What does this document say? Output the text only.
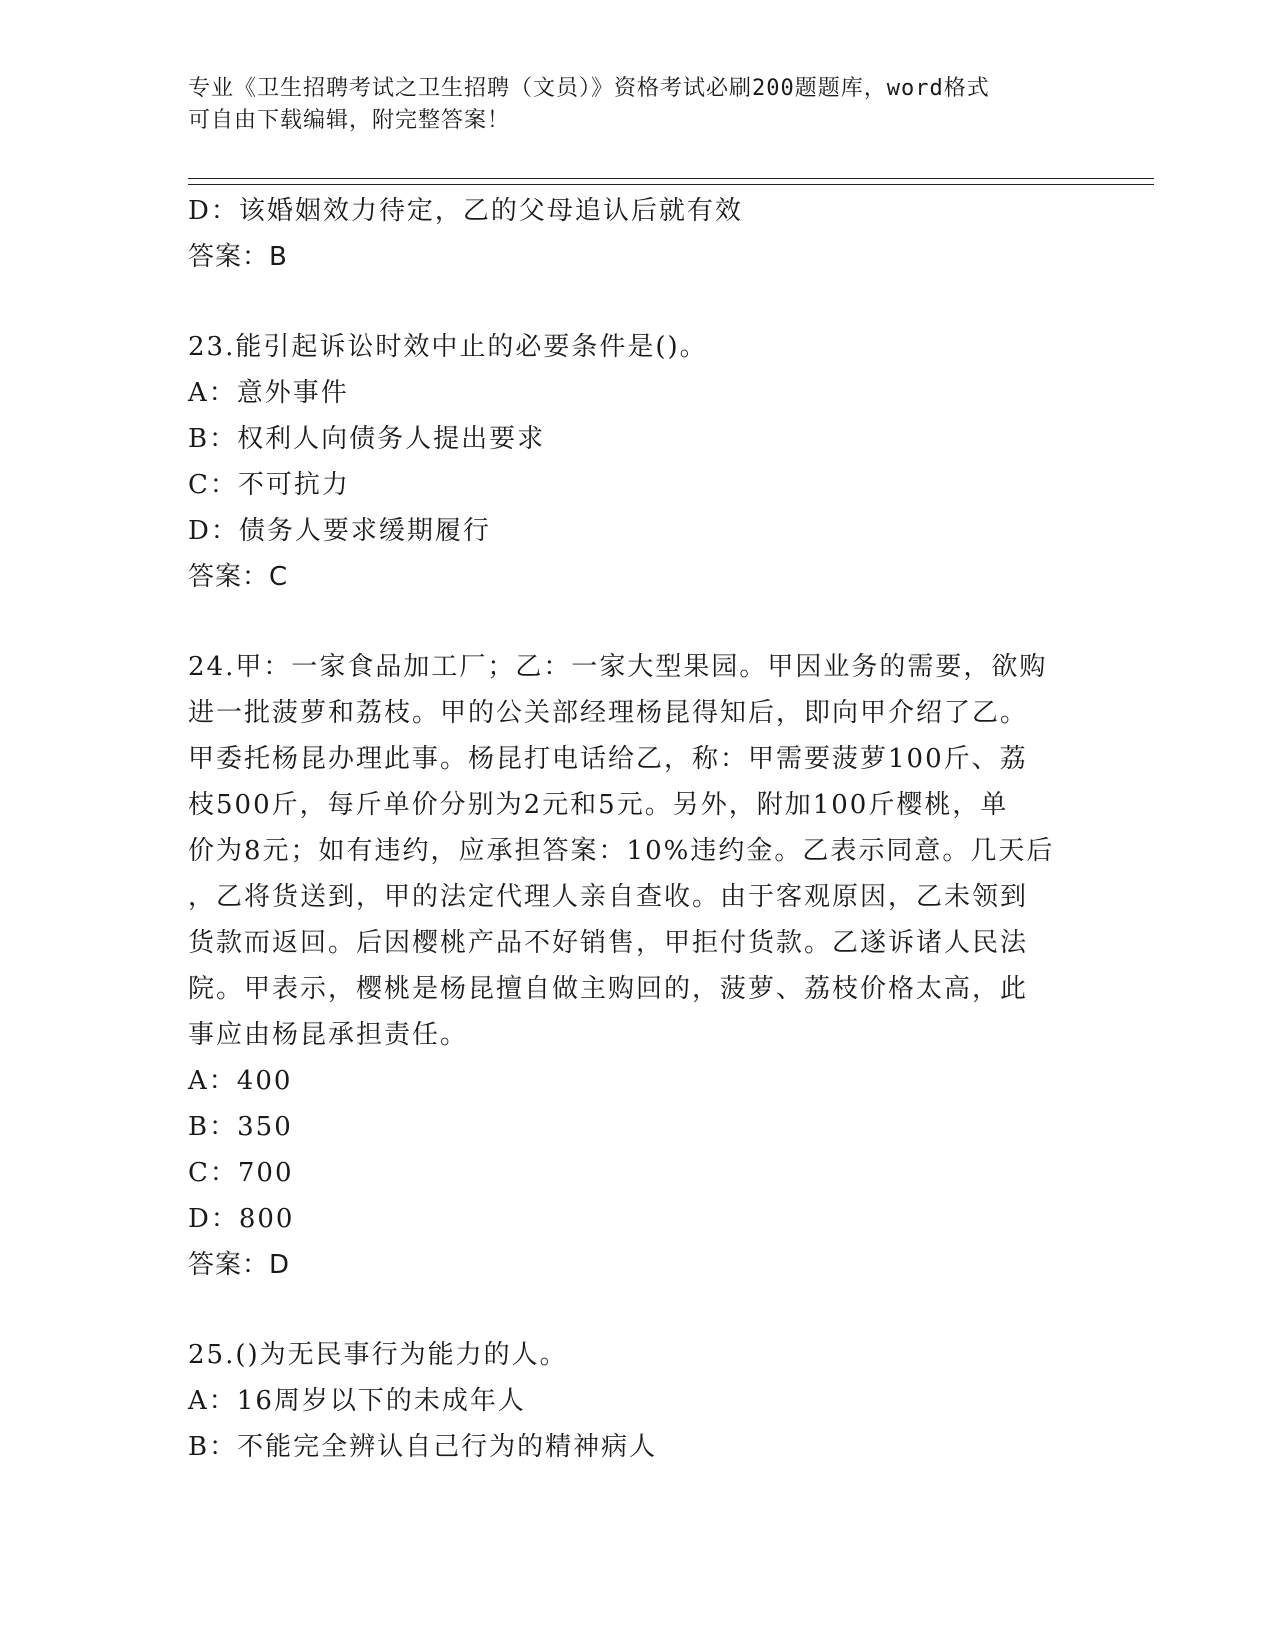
专业《卫生招聘考试之卫生招聘（文员）》资格考试必刷200题题库，word格式
可自由下载编辑，附完整答案！
D：该婚姻效力待定，乙的父母追认后就有效
答案：B
23.能引起诉讼时效中止的必要条件是()。
A：意外事件
B：权利人向债务人提出要求
C：不可抗力
D：债务人要求缓期履行
答案：C
24.甲：一家食品加工厂；乙：一家大型果园。甲因业务的需要，欲购
进一批菠萝和荔枝。甲的公关部经理杨昆得知后，即向甲介绍了乙。
甲委托杨昆办理此事。杨昆打电话给乙，称：甲需要菠萝100斤、荔
枝500斤，每斤单价分别为2元和5元。另外，附加100斤樱桃，单
价为8元；如有违约，应承担答案：10%违约金。乙表示同意。几天后
，乙将货送到，甲的法定代理人亲自查收。由于客观原因，乙未领到
货款而返回。后因樱桃产品不好销售，甲拒付货款。乙遂诉诸人民法
院。甲表示，樱桃是杨昆擅自做主购回的，菠萝、荔枝价格太高，此
事应由杨昆承担责任。
A：400
B：350
C：700
D：800
答案：D
25.()为无民事行为能力的人。
A：16周岁以下的未成年人
B：不能完全辨认自己行为的精神病人
